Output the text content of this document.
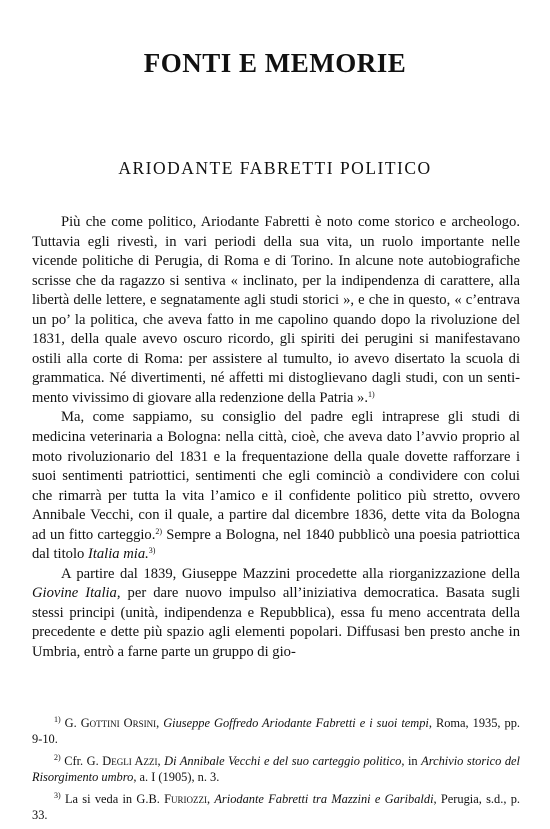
FONTI E MEMORIE
ARIODANTE FABRETTI POLITICO

Più che come politico, Ariodante Fabretti è noto come storico e archeologo. Tuttavia egli rivestì, in vari periodi della sua vita, un ruolo importante nelle vicende politiche di Perugia, di Roma e di Torino. In alcune note autobiografiche scrisse che da ragazzo si sentiva « inclinato, per la indipendenza di carattere, alla libertà delle lettere, e segnatamente agli studi storici », e che in questo, « c’entrava un po’ la politica, che aveva fatto in me capolino quando dopo la rivoluzione del 1831, della quale avevo oscuro ricordo, gli spiriti dei perugini si manifestavano ostili alla corte di Roma: per assistere al tumulto, io avevo disertato la scuola di grammatica. Né divertimenti, né affetti mi distoglievano dagli studi, con un sentimento vivissimo di giovare alla redenzione della Patria ».$^{1)}$

Ma, come sappiamo, su consiglio del padre egli intraprese gli studi di medicina veterinaria a Bologna: nella città, cioè, che aveva dato l’avvio proprio al moto rivoluzionario del 1831 e la frequentazione della quale dovette rafforzare i suoi sentimenti patriottici, sentimenti che egli cominciò a condividere con colui che rimarrà per tutta la vita l’amico e il confidente politico più stretto, ovvero Annibale Vecchi, con il quale, a partire dal dicembre 1836, dette vita da Bologna ad un fitto carteggio.$^{2)}$ Sempre a Bologna, nel 1840 pubblicò una poesia patriottica dal titolo Italia mia.$^{3)}$

A partire dal 1839, Giuseppe Mazzini procedette alla riorganizzazione della Giovine Italia, per dare nuovo impulso all’iniziativa democratica. Basata sugli stessi principi (unità, indipendenza e Repubblica), essa fu meno accentrata della precedente e dette più spazio agli elementi popolari. Diffusasi ben presto anche in Umbria, entrò a farne parte un gruppo di gio-

$^{1)}$ G. Gottini Orsini, Giuseppe Goffredo Ariodante Fabretti e i suoi tempi, Roma, 1935, pp. 9-10.

$^{2)}$ Cfr. G. Degli Azzi, Di Annibale Vecchi e del suo carteggio politico, in Archivio storico del Risorgimento umbro, a. I (1905), n. 3.

$^{3)}$ La si veda in G.B. Furiozzi, Ariodante Fabretti tra Mazzini e Garibaldi, Perugia, s.d., p. 33.
